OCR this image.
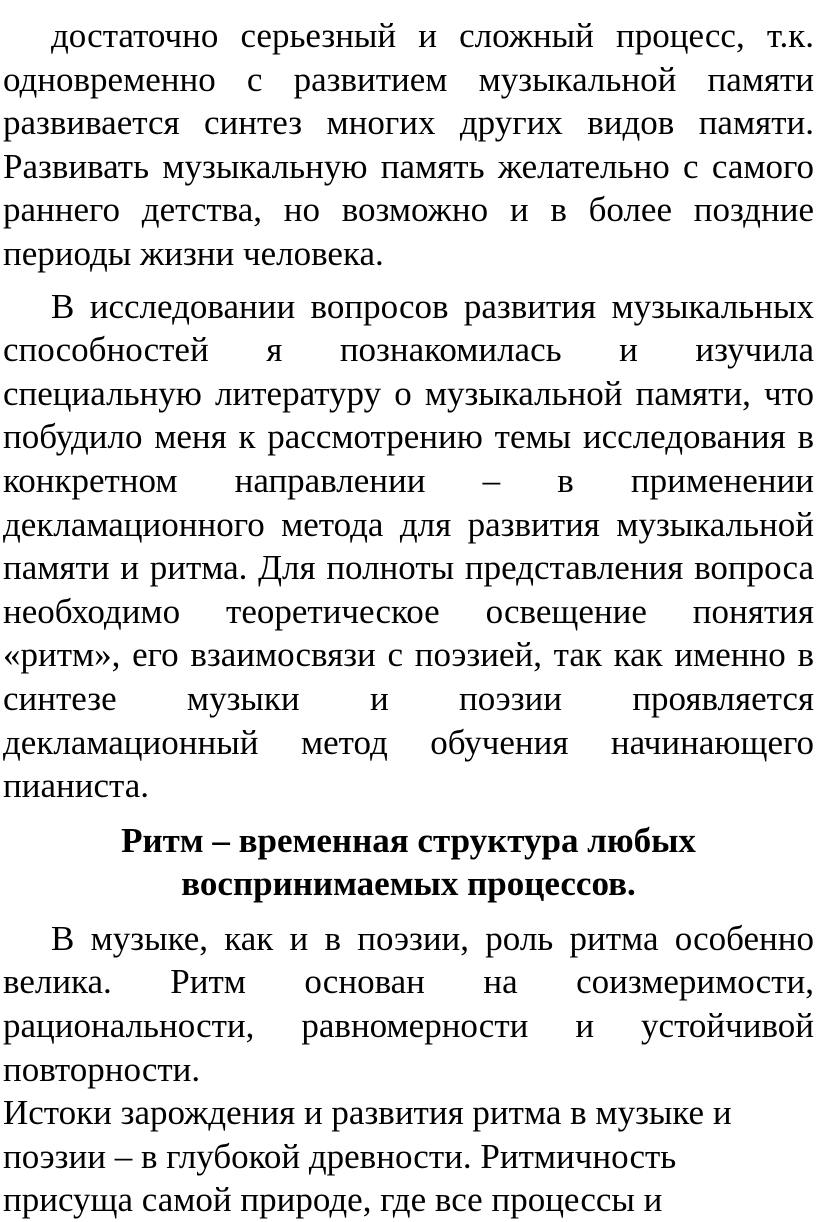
достаточно серьезный и сложный процесс, т.к. одновременно с развитием музыкальной памяти развивается синтез многих других видов памяти. Развивать музыкальную память желательно с самого раннего детства, но возможно и в более поздние периоды жизни человека.

В исследовании вопросов развития музыкальных способностей я познакомилась и изучила специальную литературу о музыкальной памяти, что побудило меня к рассмотрению темы исследования в конкретном направлении – в применении декламационного метода для развития музыкальной памяти и ритма. Для полноты представления вопроса необходимо теоретическое освещение понятия «ритм», его взаимосвязи с поэзией, так как именно в синтезе музыки и поэзии проявляется декламационный метод обучения начинающего пианиста.

Ритм – временная структура любых
воспринимаемых процессов.

В музыке, как и в поэзии, роль ритма особенно велика. Ритм основан на соизмеримости, рациональности, равномерности и устойчивой повторности.

Истоки зарождения и развития ритма в музыке и
поэзии – в глубокой древности. Ритмичность
присуща самой природе, где все процессы и
